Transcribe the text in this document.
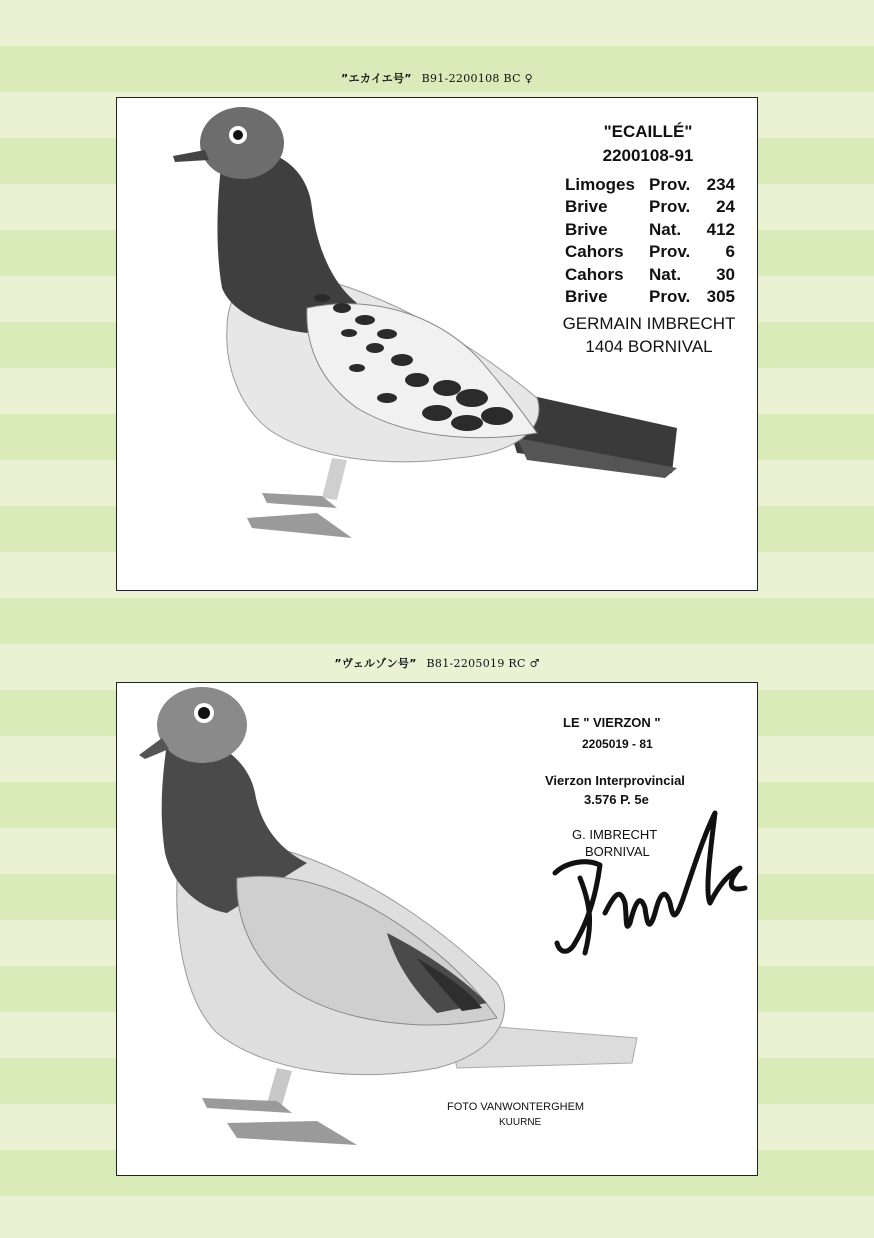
”エカイエ号” B91-2200108 BC ♀
"ECAILLÉ"
2200108-91
Limoges Prov. 234
Brive Prov. 24
Brive Nat. 412
Cahors Prov. 6
Cahors Nat. 30
Brive Prov. 305
GERMAIN IMBRECHT
1404 BORNIVAL
”ヴェルゾン号” B81-2205019 RC ♂
LE " VIERZON "
2205019 - 81
Vierzon Interprovincial
3.576 P. 5e
G. IMBRECHT
BORNIVAL
FOTO VANWONTERGHEM
KUURNE
